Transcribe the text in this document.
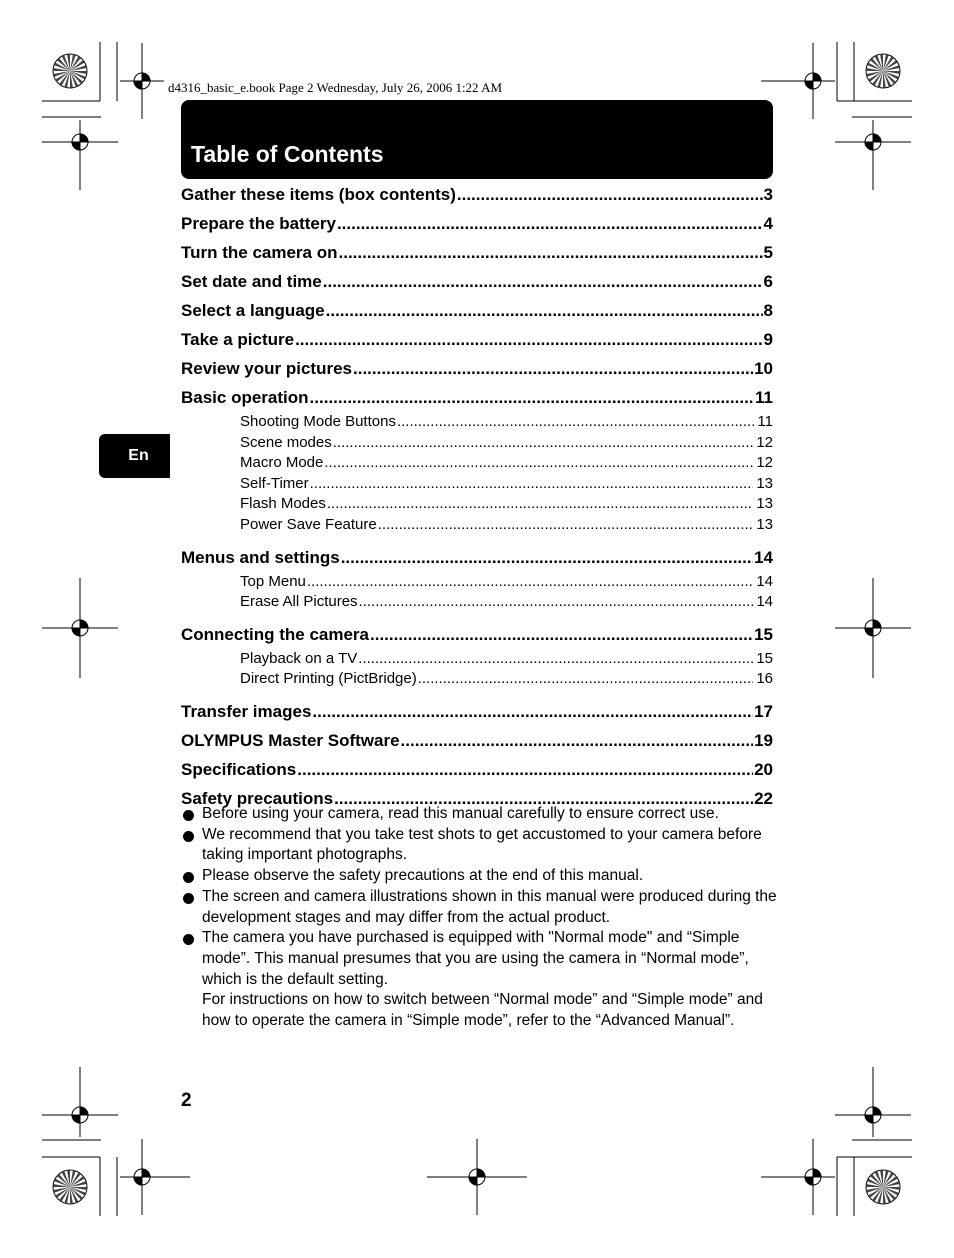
d4316_basic_e.book Page 2 Wednesday, July 26, 2006 1:22 AM
Table of Contents
Gather these items (box contents) .....	3
Prepare the battery .....	4
Turn the camera on .....	5
Set date and time .....	6
Select a language .....	8
Take a picture .....	9
Review your pictures .....	10
Basic operation .....	11
Shooting Mode Buttons .....	11
Scene modes .....	12
Macro Mode .....	12
Self-Timer .....	13
Flash Modes .....	13
Power Save Feature .....	13
Menus and settings .....	14
Top Menu .....	14
Erase All Pictures .....	14
Connecting the camera .....	15
Playback on a TV .....	15
Direct Printing (PictBridge) .....	16
Transfer images .....	17
OLYMPUS Master Software .....	19
Specifications .....	20
Safety precautions .....	22
En

Before using your camera, read this manual carefully to ensure correct use.

We recommend that you take test shots to get accustomed to your camera before taking important photographs.

Please observe the safety precautions at the end of this manual.

The screen and camera illustrations shown in this manual were produced during the development stages and may differ from the actual product.

The camera you have purchased is equipped with "Normal mode" and “Simple mode”. This manual presumes that you are using the camera in “Normal mode”, which is the default setting.

For instructions on how to switch between “Normal mode” and “Simple mode” and how to operate the camera in “Simple mode”, refer to the “Advanced Manual”.

2
